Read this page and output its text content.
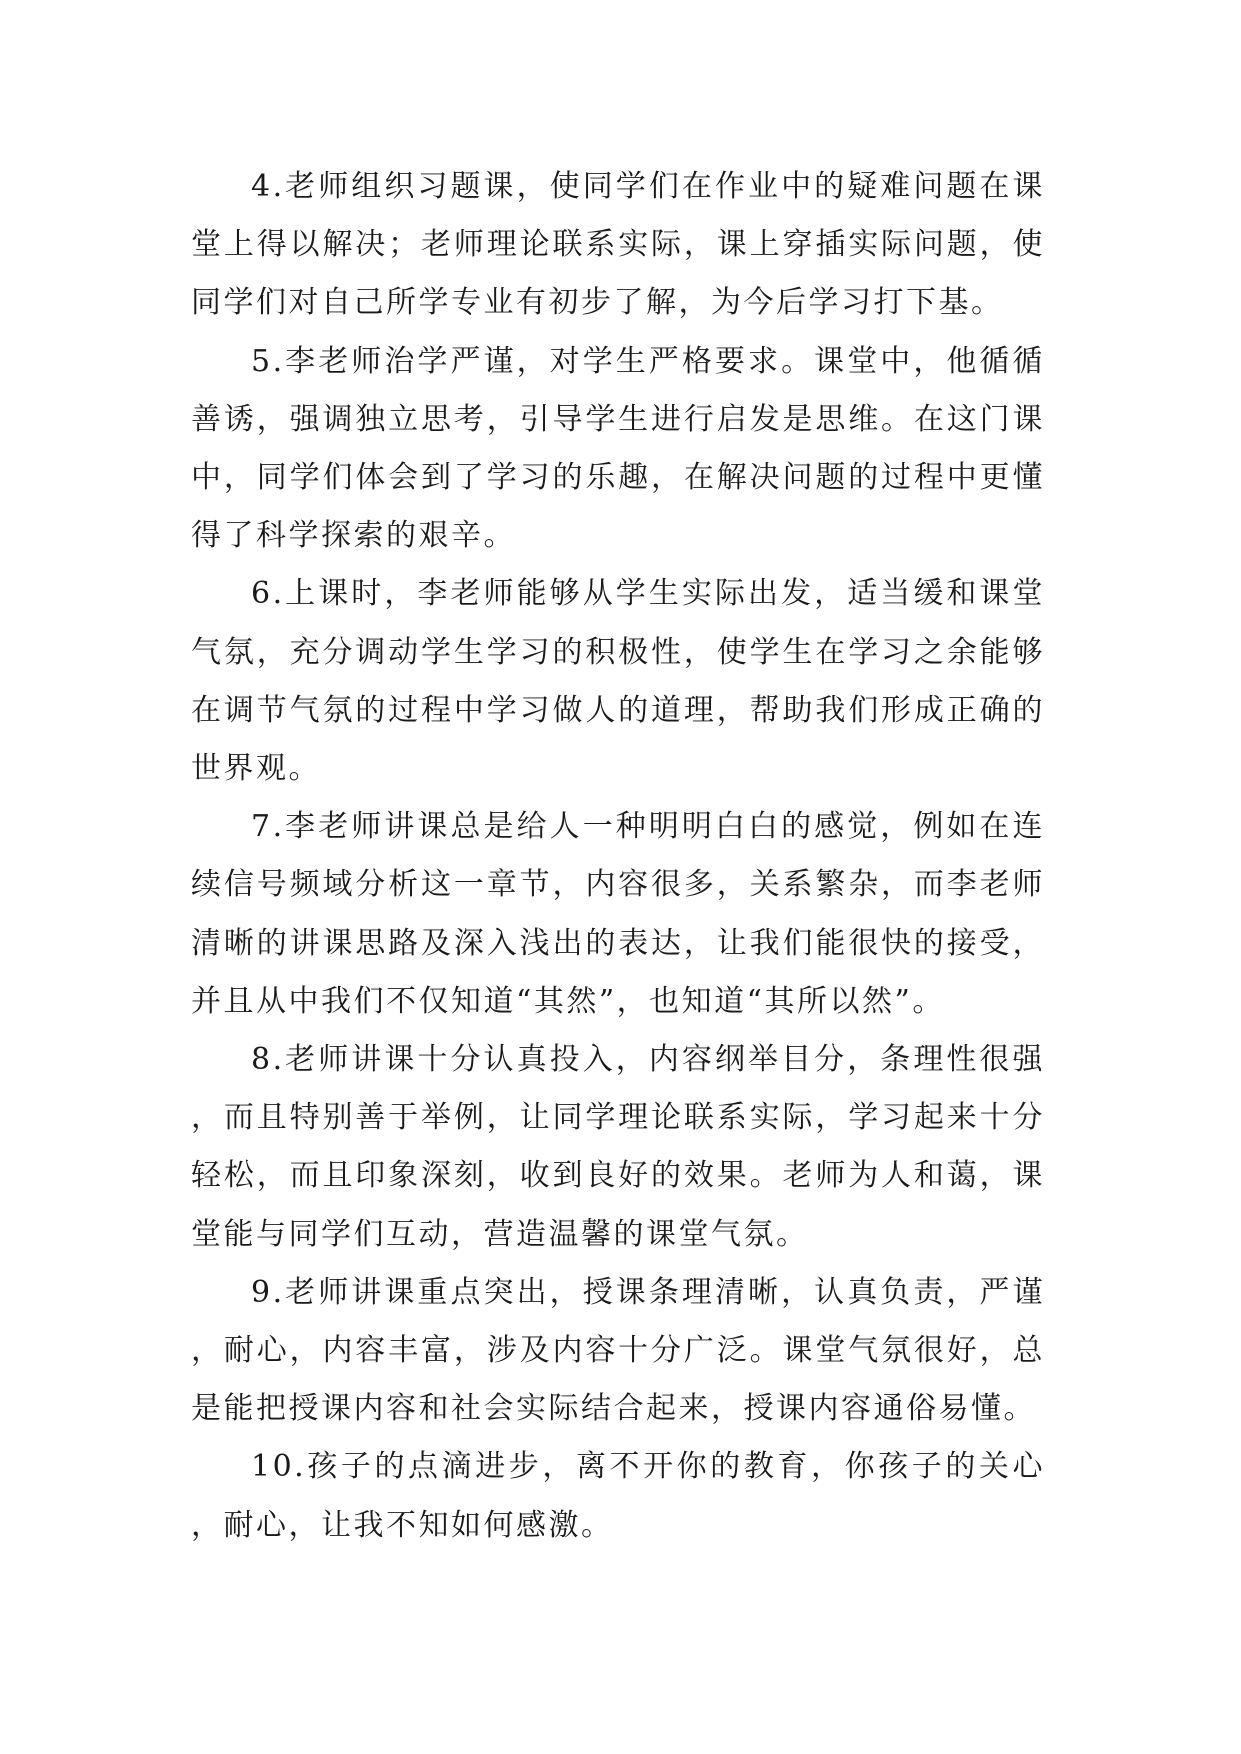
4.老师组织习题课，使同学们在作业中的疑难问题在课堂上得以解决；老师理论联系实际，课上穿插实际问题，使同学们对自己所学专业有初步了解，为今后学习打下基。

5.李老师治学严谨，对学生严格要求。课堂中，他循循善诱，强调独立思考，引导学生进行启发是思维。在这门课中，同学们体会到了学习的乐趣，在解决问题的过程中更懂得了科学探索的艰辛。

6.上课时，李老师能够从学生实际出发，适当缓和课堂气氛，充分调动学生学习的积极性，使学生在学习之余能够在调节气氛的过程中学习做人的道理，帮助我们形成正确的世界观。

7.李老师讲课总是给人一种明明白白的感觉，例如在连续信号频域分析这一章节，内容很多，关系繁杂，而李老师清晰的讲课思路及深入浅出的表达，让我们能很快的接受，并且从中我们不仅知道“其然”，也知道“其所以然”。

8.老师讲课十分认真投入，内容纲举目分，条理性很强，而且特别善于举例，让同学理论联系实际，学习起来十分轻松，而且印象深刻，收到良好的效果。老师为人和蔼，课堂能与同学们互动，营造温馨的课堂气氛。

9.老师讲课重点突出，授课条理清晰，认真负责，严谨，耐心，内容丰富，涉及内容十分广泛。课堂气氛很好，总是能把授课内容和社会实际结合起来，授课内容通俗易懂。

10.孩子的点滴进步，离不开你的教育，你孩子的关心，耐心，让我不知如何感激。
